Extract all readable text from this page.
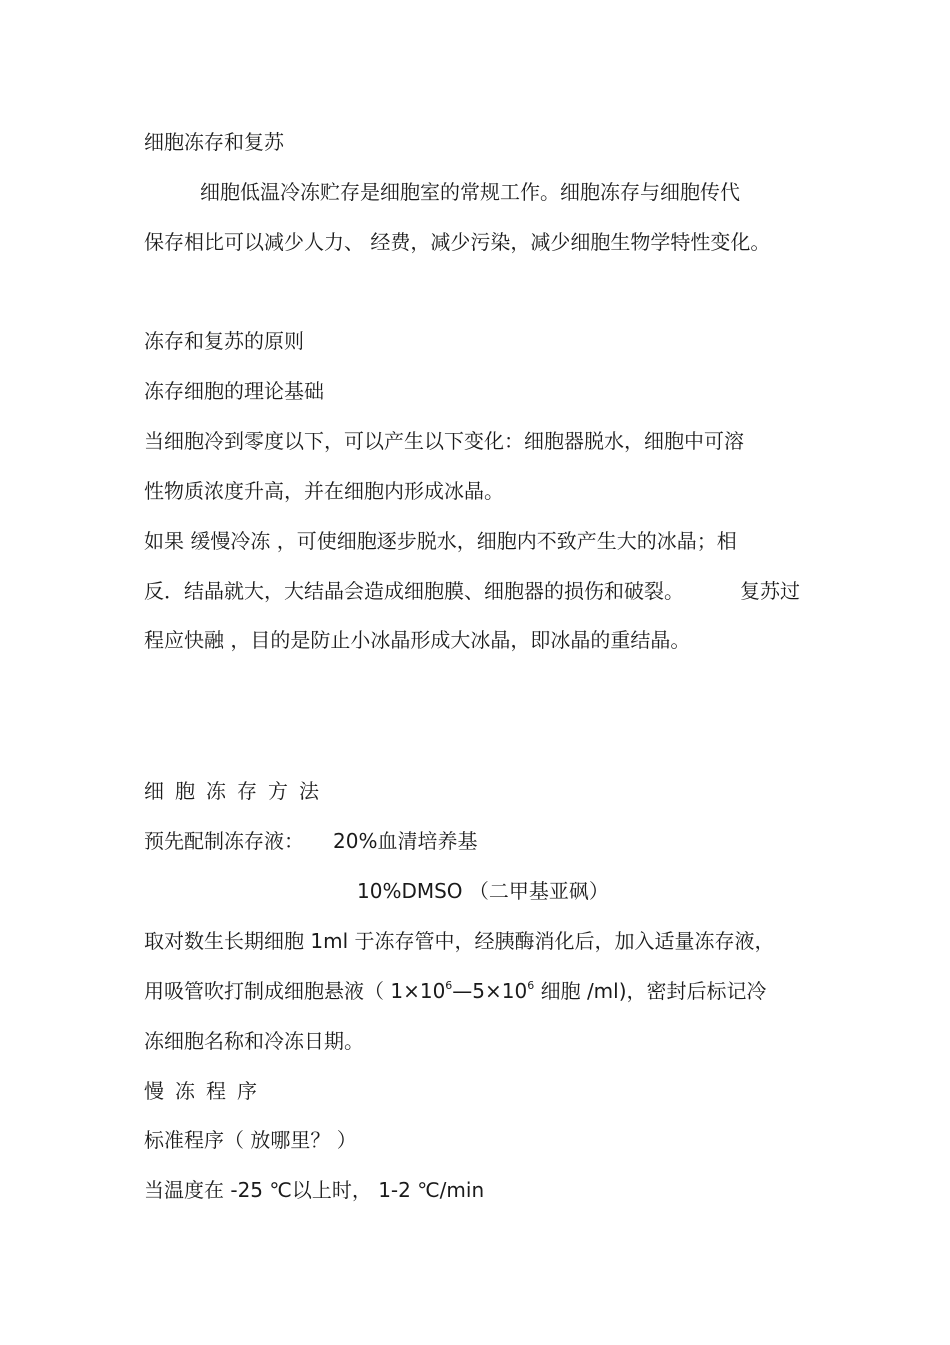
细胞冻存和复苏
细胞低温冷冻贮存是细胞室的常规工作。细胞冻存与细胞传代
保存相比可以减少人力、 经费，减少污染，减少细胞生物学特性变化。
冻存和复苏的原则
冻存细胞的理论基础
当细胞冷到零度以下，可以产生以下变化：细胞器脱水，细胞中可溶
性物质浓度升高，并在细胞内形成冰晶。
如果 缓慢冷冻 ，可使细胞逐步脱水，细胞内不致产生大的冰晶；相
反．结晶就大，大结晶会造成细胞膜、细胞器的损伤和破裂。	复苏过
程应快融 ，目的是防止小冰晶形成大冰晶，即冰晶的重结晶。
细胞冻存方法
预先配制冻存液： 20%血清培养基
10%DMSO （二甲基亚砜）
取对数生长期细胞 1ml 于冻存管中，经胰酶消化后，加入适量冻存液，
用吸管吹打制成细胞悬液（ $1\times 10^6—5\times 10^6$ 细胞 /ml)，密封后标记冷
冻细胞名称和冷冻日期。
慢冻程序
标准程序（ 放哪里？ ）
当温度在 -25 ℃以上时， 1-2 ℃/min
